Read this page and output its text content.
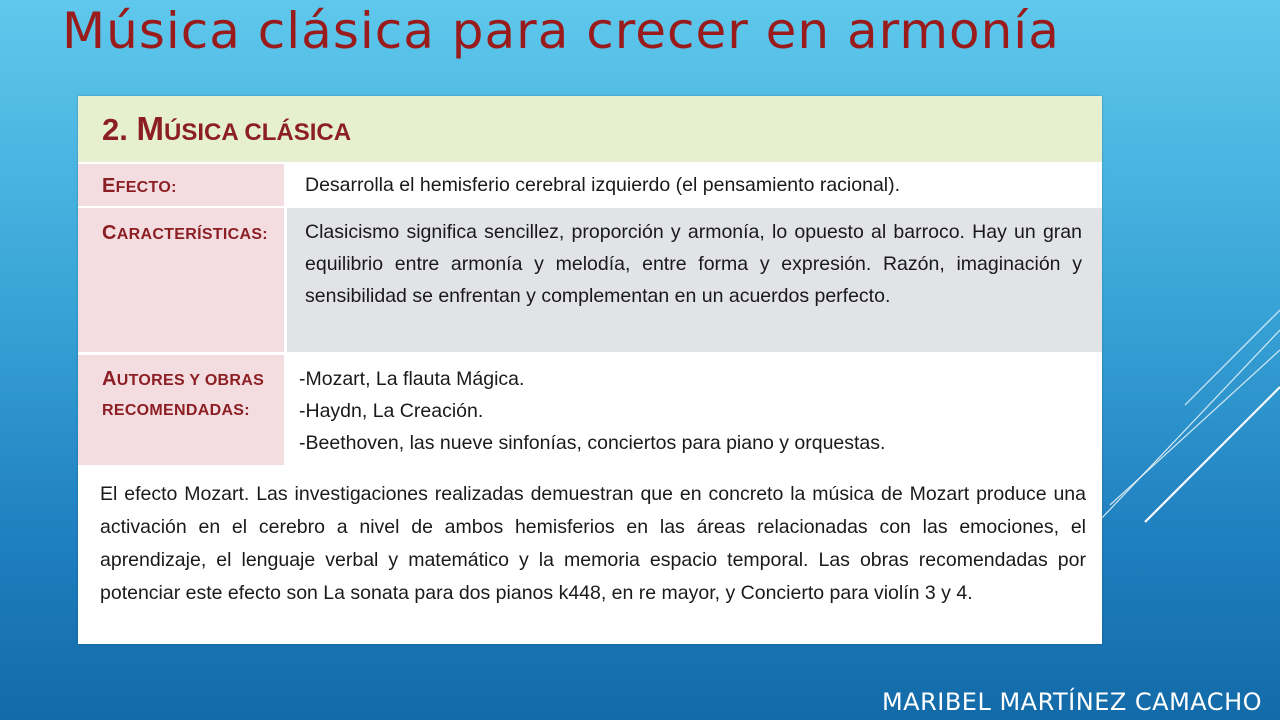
Música clásica para crecer en armonía
2. MÚSICA CLÁSICA
EFECTO:	Desarrolla el hemisferio cerebral izquierdo (el pensamiento racional).
CARACTERÍSTICAS: Clasicismo significa sencillez, proporción y armonía, lo opuesto al barroco. Hay un gran equilibrio entre armonía y melodía, entre forma y expresión. Razón, imaginación y sensibilidad se enfrentan y complementan en un acuerdos perfecto.
AUTORES Y OBRAS
RECOMENDADAS:
-Mozart, La flauta Mágica.
-Haydn, La Creación.
-Beethoven, las nueve sinfonías, conciertos para piano y orquestas.
El efecto Mozart. Las investigaciones realizadas demuestran que en concreto la música de Mozart produce una activación en el cerebro a nivel de ambos hemisferios en las áreas relacionadas con las emociones, el aprendizaje, el lenguaje verbal y matemático y la memoria espacio temporal. Las obras recomendadas por potenciar este efecto son La sonata para dos pianos k448, en re mayor, y Concierto para violín 3 y 4.

MARIBEL MARTÍNEZ CAMACHO
